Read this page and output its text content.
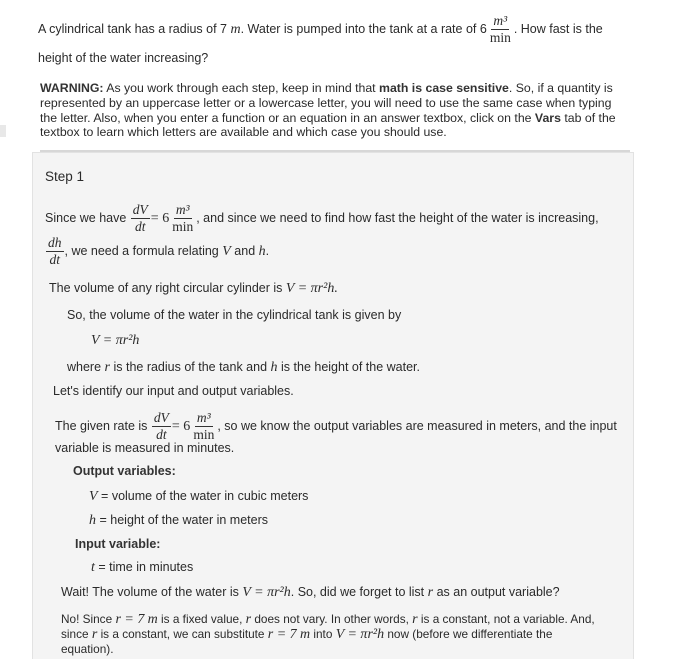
A cylindrical tank has a radius of 7 m. Water is pumped into the tank at a rate of $6 \frac{\text{m³}}{\min}$ . How fast is the
height of the water increasing?
WARNING: As you work through each step, keep in mind that math is case sensitive. So, if a quantity is represented by an uppercase letter or a lowercase letter, you will need to use the same case when typing the letter. Also, when you enter a function or an equation in an answer textbox, click on the Vars tab of the textbox to learn which letters are available and which case you should use.
Step 1
Since we have $\frac{dV}{dt} = 6 \frac{\text{m³}}{\min}$ , and since we need to find how fast the height of the water is increasing,
$\frac{dh}{dt}$ , we need a formula relating V and h.
The volume of any right circular cylinder is V = πr²h.
So, the volume of the water in the cylindrical tank is given by
V = πr²h
where r is the radius of the tank and h is the height of the water.
Let's identify our input and output variables.
The given rate is $\frac{dV}{dt} = 6 \frac{\text{m³}}{\min}$ , so we know the output variables are measured in meters, and the input
variable is measured in minutes.
Output variables:
V = volume of the water in cubic meters
h = height of the water in meters
Input variable:
t = time in minutes
Wait! The volume of the water is V = πr²h. So, did we forget to list r as an output variable?
No! Since r = 7 m is a fixed value, r does not vary. In other words, r is a constant, not a variable. And,
since r is a constant, we can substitute r = 7 m into V = πr²h now (before we differentiate the
equation).
